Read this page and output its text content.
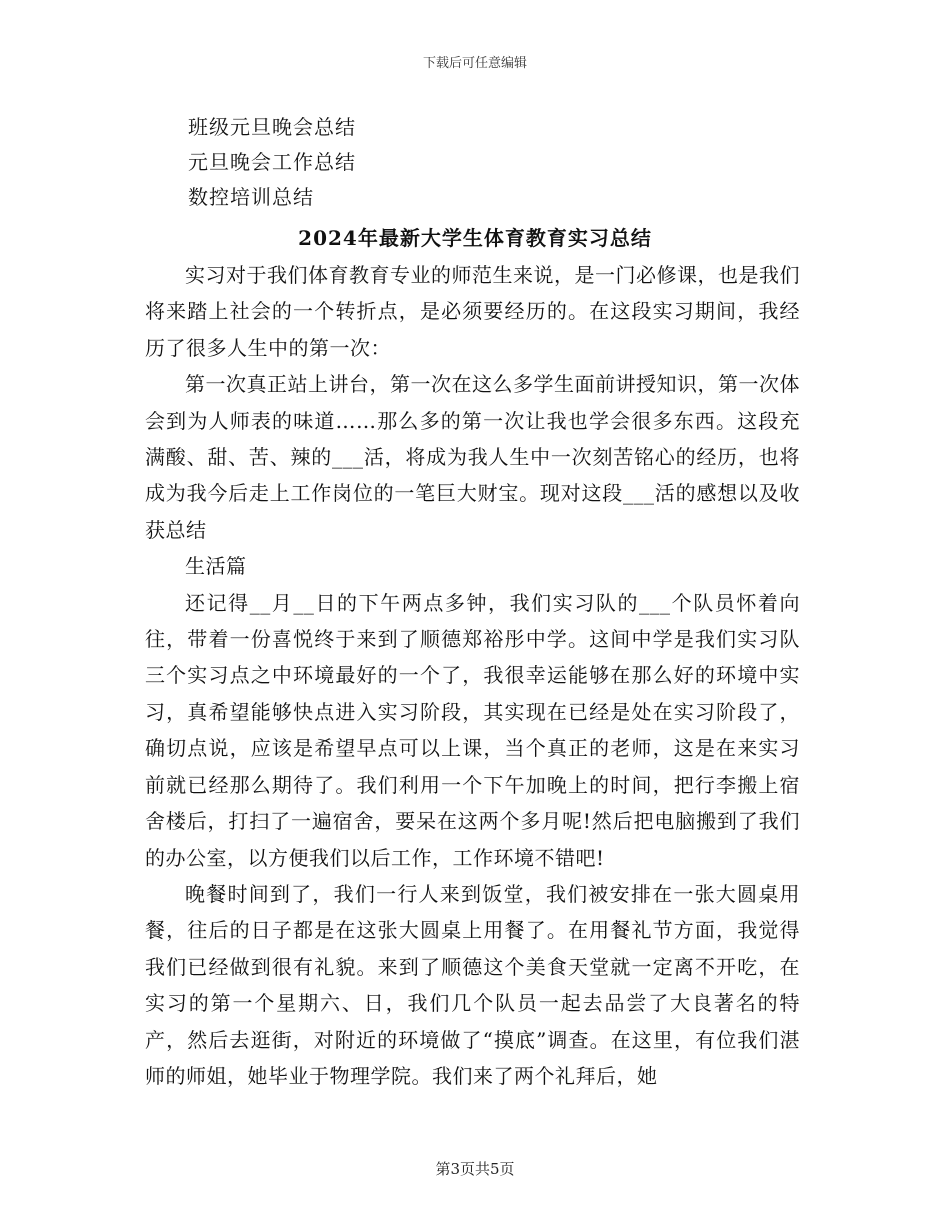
下载后可任意编辑
班级元旦晚会总结
元旦晚会工作总结
数控培训总结
2024年最新大学生体育教育实习总结

实习对于我们体育教育专业的师范生来说，是一门必修课，也是我们将来踏上社会的一个转折点，是必须要经历的。在这段实习期间，我经历了很多人生中的第一次：

第一次真正站上讲台，第一次在这么多学生面前讲授知识，第一次体会到为人师表的味道……那么多的第一次让我也学会很多东西。这段充满酸、甜、苦、辣的___活，将成为我人生中一次刻苦铭心的经历，也将成为我今后走上工作岗位的一笔巨大财宝。现对这段___活的感想以及收获总结

生活篇

还记得__月__日的下午两点多钟，我们实习队的___个队员怀着向往，带着一份喜悦终于来到了顺德郑裕彤中学。这间中学是我们实习队三个实习点之中环境最好的一个了，我很幸运能够在那么好的环境中实习，真希望能够快点进入实习阶段，其实现在已经是处在实习阶段了，确切点说，应该是希望早点可以上课，当个真正的老师，这是在来实习前就已经那么期待了。我们利用一个下午加晚上的时间，把行李搬上宿舍楼后，打扫了一遍宿舍，要呆在这两个多月呢!然后把电脑搬到了我们的办公室，以方便我们以后工作，工作环境不错吧!

晚餐时间到了，我们一行人来到饭堂，我们被安排在一张大圆桌用餐，往后的日子都是在这张大圆桌上用餐了。在用餐礼节方面，我觉得我们已经做到很有礼貌。来到了顺德这个美食天堂就一定离不开吃，在实习的第一个星期六、日，我们几个队员一起去品尝了大良著名的特产，然后去逛街，对附近的环境做了“摸底”调查。在这里，有位我们湛师的师姐，她毕业于物理学院。我们来了两个礼拜后，她

第3页共5页
